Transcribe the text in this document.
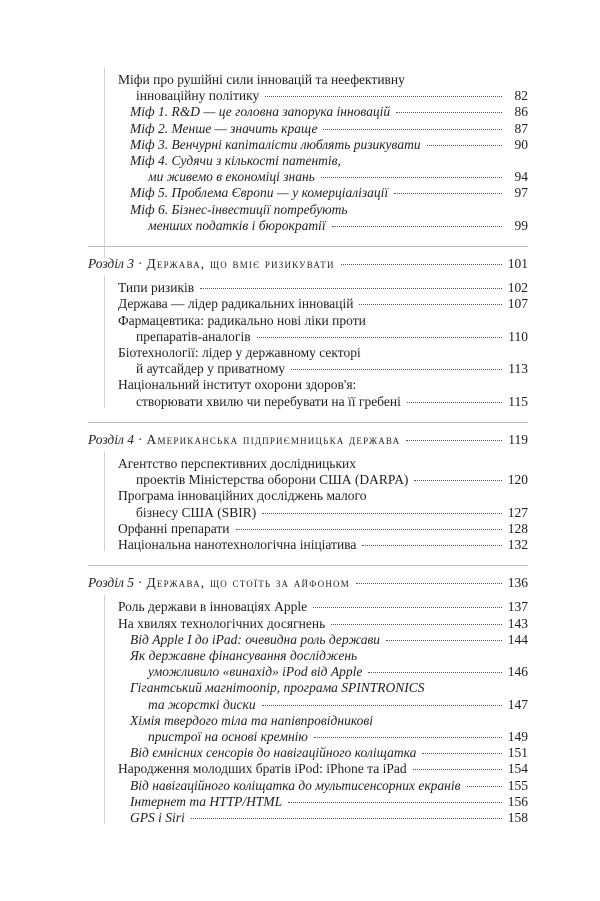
Міфи про рушійні сили інновацій та неефективну
інноваційну політику	82
Міф 1. R&D — це головна запорука інновацій	86
Міф 2. Менше — значить краще	87
Міф 3. Венчурні капіталісти люблять ризикувати	90
Міф 4. Судячи з кількості патентів,
ми живемо в економіці знань	94
Міф 5. Проблема Європи — у комерціалізації	97
Міф 6. Бізнес-інвестиції потребують
менших податків і бюрократії	99
Розділ 3 · Держава, що вміє ризикувати	101
Типи ризиків	102
Держава — лідер радикальних інновацій	107
Фармацевтика: радикально нові ліки проти
препаратів-аналогів	110
Біотехнології: лідер у державному секторі
й аутсайдер у приватному	113
Національний інститут охорони здоров'я:
створювати хвилю чи перебувати на її гребені	115
Розділ 4 · Американська підприємницька держава	119
Агентство перспективних дослідницьких
проектів Міністерства оборони США (DARPA)	120
Програма інноваційних досліджень малого
бізнесу США (SBIR)	127
Орфанні препарати	128
Національна нанотехнологічна ініціатива	132
Розділ 5 · Держава, що стоїть за айфоном	136
Роль держави в інноваціях Apple	137
На хвилях технологічних досягнень	143
Від Apple I до iPad: очевидна роль держави	144
Як державне фінансування досліджень
уможливило «винахід» iPod від Apple	146
Гігантський магнітоопір, програма SPINTRONICS
та жорсткі диски	147
Хімія твердого тіла та напівпровідникові
пристрої на основі кремнію	149
Від ємнісних сенсорів до навігаційного коліщатка	151
Народження молодших братів iPod: iPhone та iPad	154
Від навігаційного коліщатка до мультисенсорних екранів	155
Інтернет та HTTP/HTML	156
GPS і Siri	158
